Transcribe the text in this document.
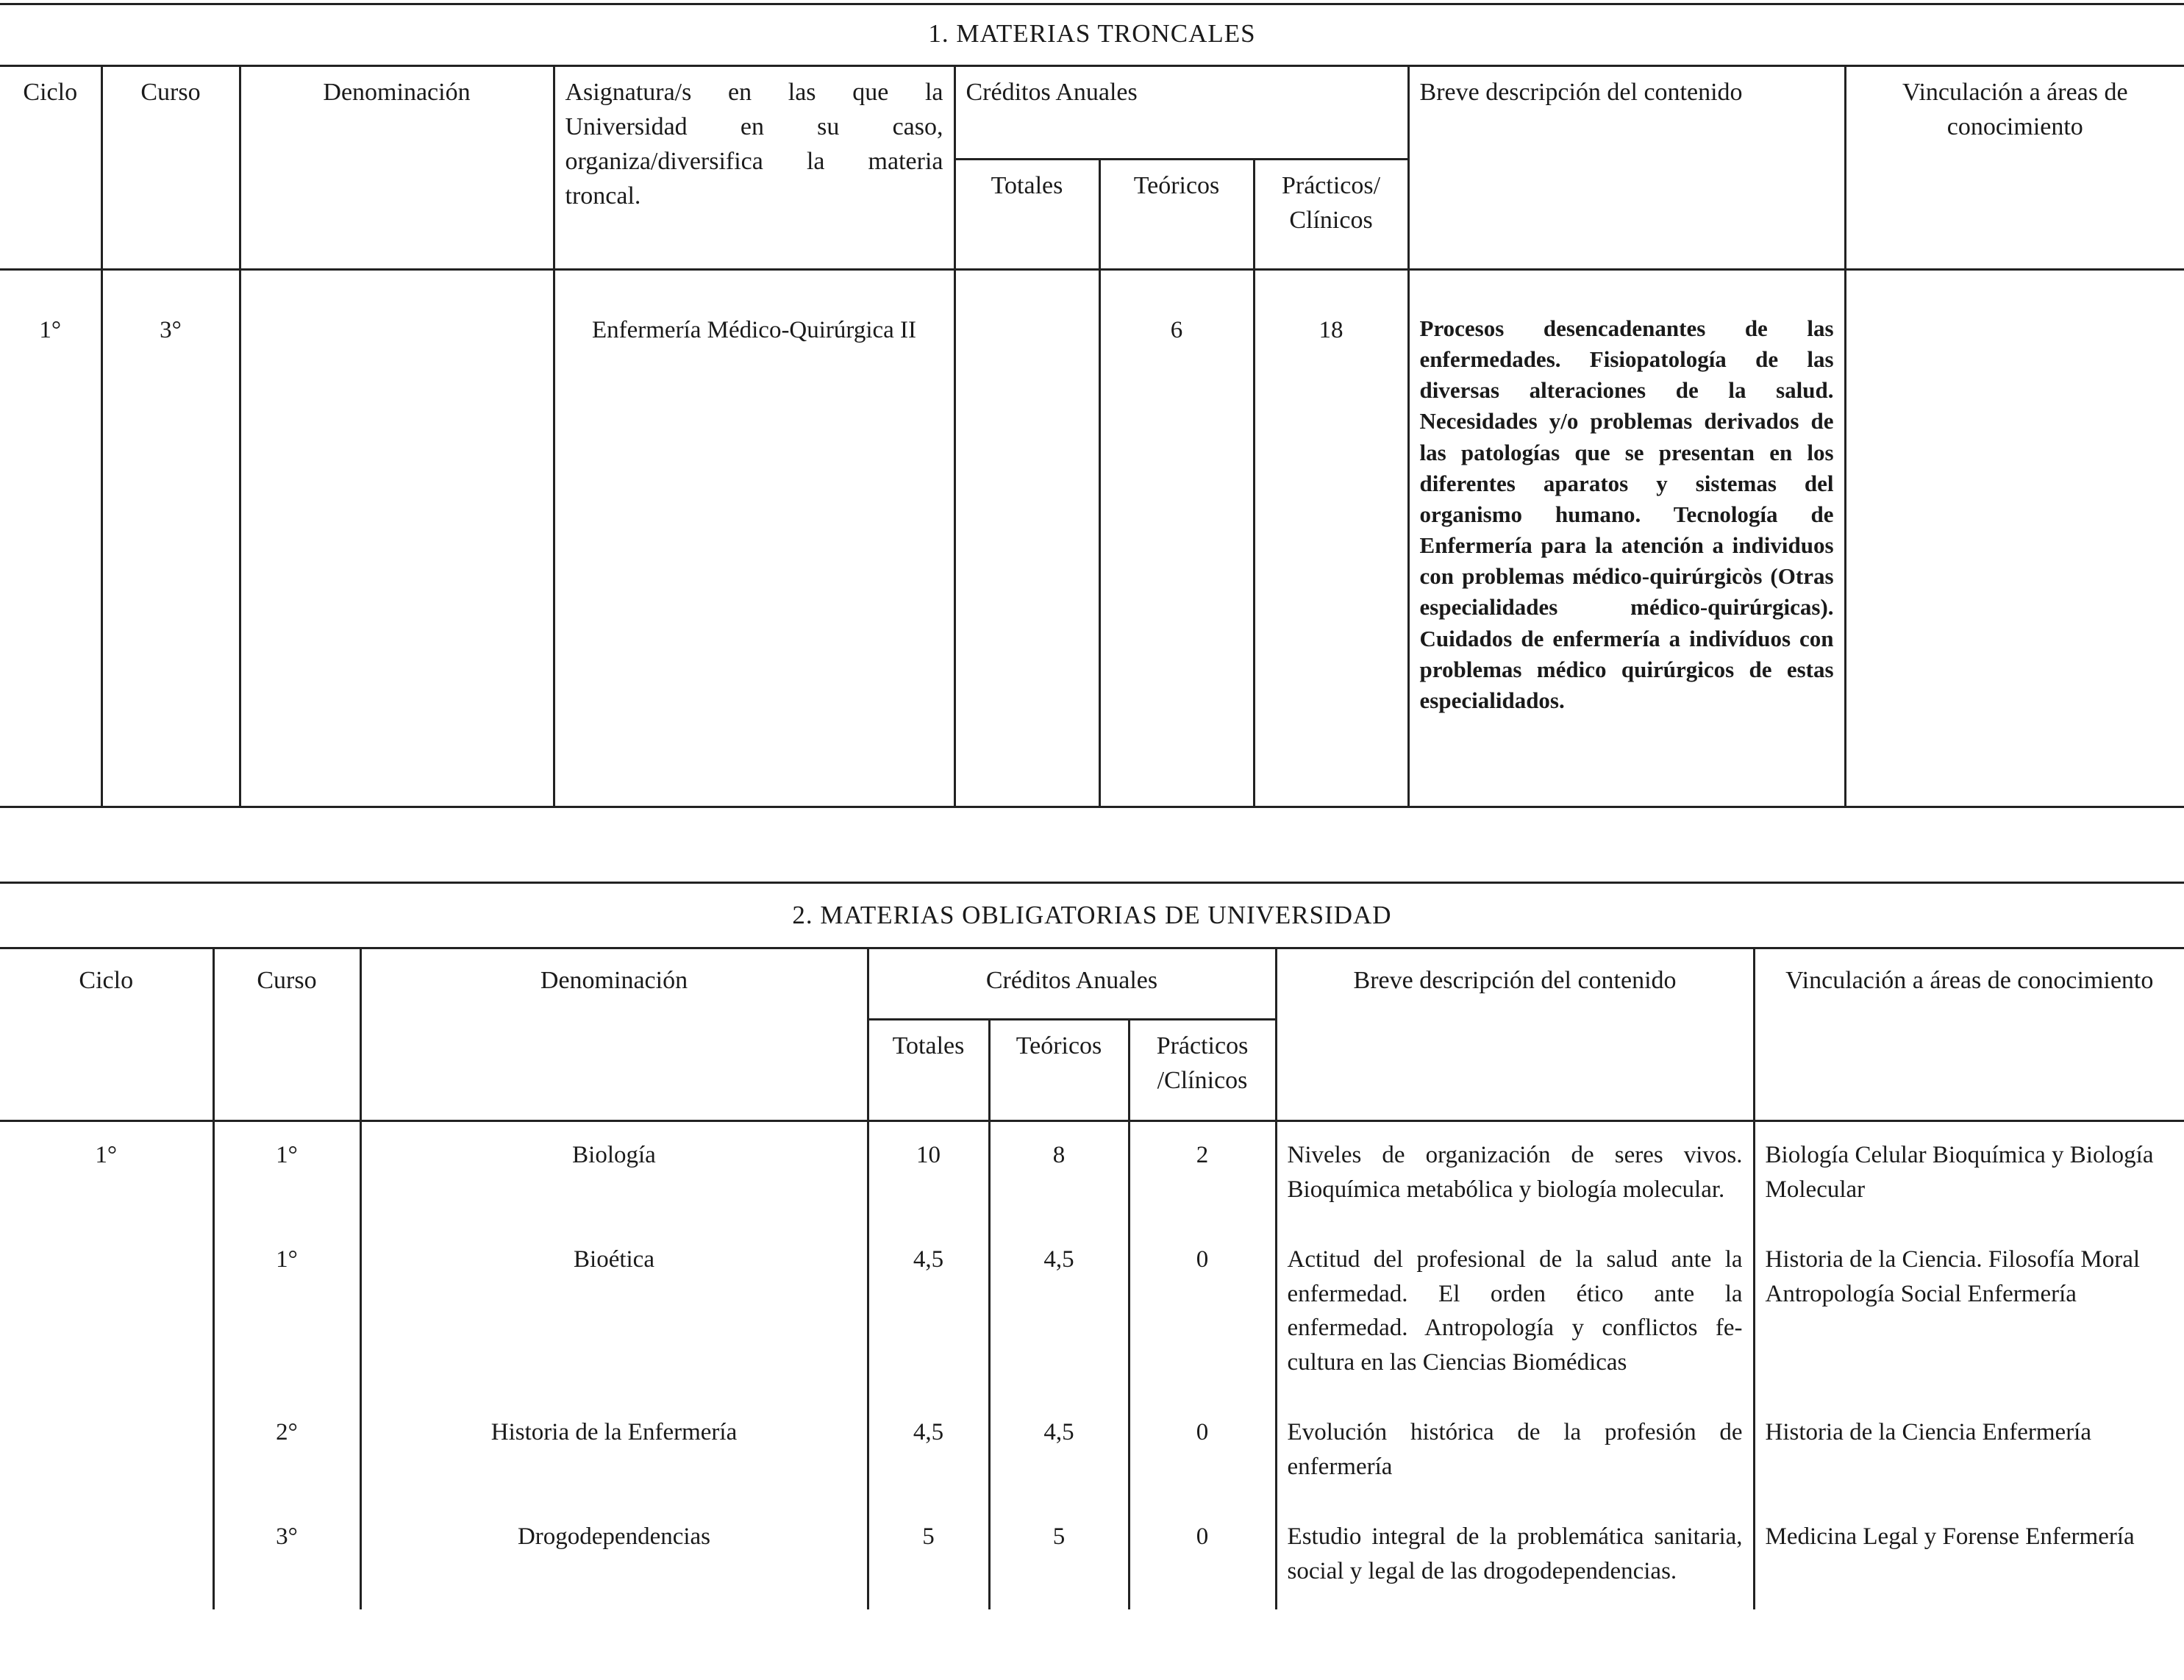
1. MATERIAS TRONCALES
Ciclo	Curso	Denominación	Asignatura/s en las que la Universidad en su caso, organiza/diversifica la materia troncal.	Créditos Anuales			Breve descripción del contenido	Vinculación a áreas de conocimiento
				Totales	Teóricos	Prácticos/ Clínicos		
1°	3°		Enfermería Médico-Quirúrgica II		6	18	Procesos desencadenantes de las enfermedades. Fisiopatología de las diversas alteraciones de la salud. Necesidades y/o problemas derivados de las patologías que se presentan en los diferentes aparatos y sistemas del organismo humano. Tecnología de Enfermería para la atención a individuos con problemas médico-quirúrgicòs (Otras especialidades médico-quirúrgicas). Cuidados de enfermería a indivíduos con problemas médico quirúrgicos de estas especialidados.	
2. MATERIAS OBLIGATORIAS DE UNIVERSIDAD
Ciclo	Curso	Denominación	Créditos Anuales			Breve descripción del contenido	Vinculación a áreas de conocimiento
			Totales	Teóricos	Prácticos /Clínicos		
1°	1°	Biología	10	8	2	Niveles de organización de seres vivos. Bioquímica metabólica y biología molecular.	Biología Celular Bioquímica y Biología Molecular
	1°	Bioética	4,5	4,5	0	Actitud del profesional de la salud ante la enfermedad. El orden ético ante la enfermedad. Antropología y conflictos fe-cultura en las Ciencias Biomédicas	Historia de la Ciencia. Filosofía Moral Antropología Social Enfermería
	2°	Historia de la Enfermería	4,5	4,5	0	Evolución histórica de la profesión de enfermería	Historia de la Ciencia Enfermería
	3°	Drogodependencias	5	5	0	Estudio integral de la problemática sanitaria, social y legal de las drogodependencias.	Medicina Legal y Forense Enfermería
